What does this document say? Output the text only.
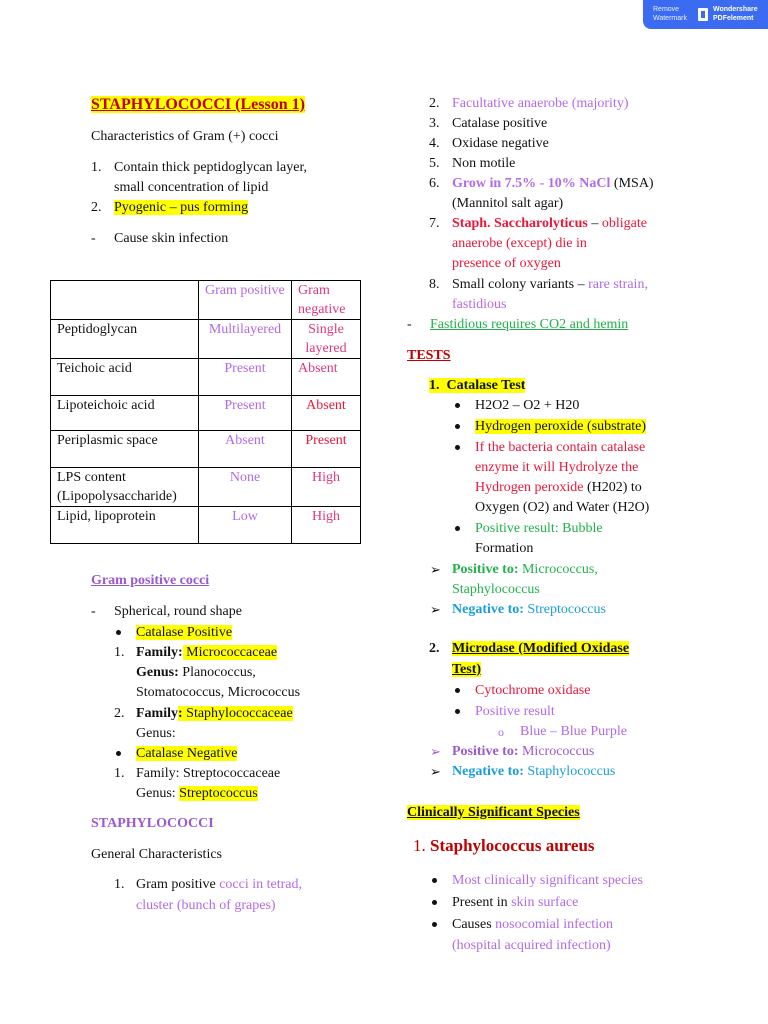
Remove
Watermark
Wondershare
PDFelement
STAPHYLOCOCCI (Lesson 1)
Characteristics of Gram (+) cocci
1. Contain thick peptidoglycan layer,
small concentration of lipid
2. Pyogenic – pus forming
- Cause skin infection
	Gram positive	Gram negative
Peptidoglycan	Multilayered	Single layered
Teichoic acid	Present	Absent
Lipoteichoic acid	Present	Absent
Periplasmic space	Absent	Present
LPS content (Lipopolysaccharide)	None	High
Lipid, lipoprotein	Low	High
Gram positive cocci
- Spherical, round shape
Catalase Positive
1. Family: Micrococcaceae
Genus: Planococcus,
Stomatococcus, Micrococcus
2. Family: Staphylococcaceae
Genus:
Catalase Negative
1. Family: Streptococcaceae
Genus: Streptococcus
STAPHYLOCOCCI
General Characteristics
1. Gram positive cocci in tetrad,
cluster (bunch of grapes)
2. Facultative anaerobe (majority)
3. Catalase positive
4. Oxidase negative
5. Non motile
6. Grow in 7.5% - 10% NaCl (MSA)
(Mannitol salt agar)
7. Staph. Saccharolyticus – obligate
anaerobe (except) die in
presence of oxygen
8. Small colony variants – rare strain,
fastidious
- Fastidious requires CO2 and hemin
TESTS
1. Catalase Test
H2O2 – O2 + H20
Hydrogen peroxide (substrate)
If the bacteria contain catalase
enzyme it will Hydrolyze the
Hydrogen peroxide (H202) to
Oxygen (O2) and Water (H2O)
Positive result: Bubble
Formation
➢ Positive to: Micrococcus,
Staphylococcus
➢ Negative to: Streptococcus
2. Microdase (Modified Oxidase
Test)
Cytochrome oxidase
Positive result
o Blue – Blue Purple
➢ Positive to: Micrococcus
➢ Negative to: Staphylococcus
Clinically Significant Species
1. Staphylococcus aureus
Most clinically significant species
Present in skin surface
Causes nosocomial infection
(hospital acquired infection)
